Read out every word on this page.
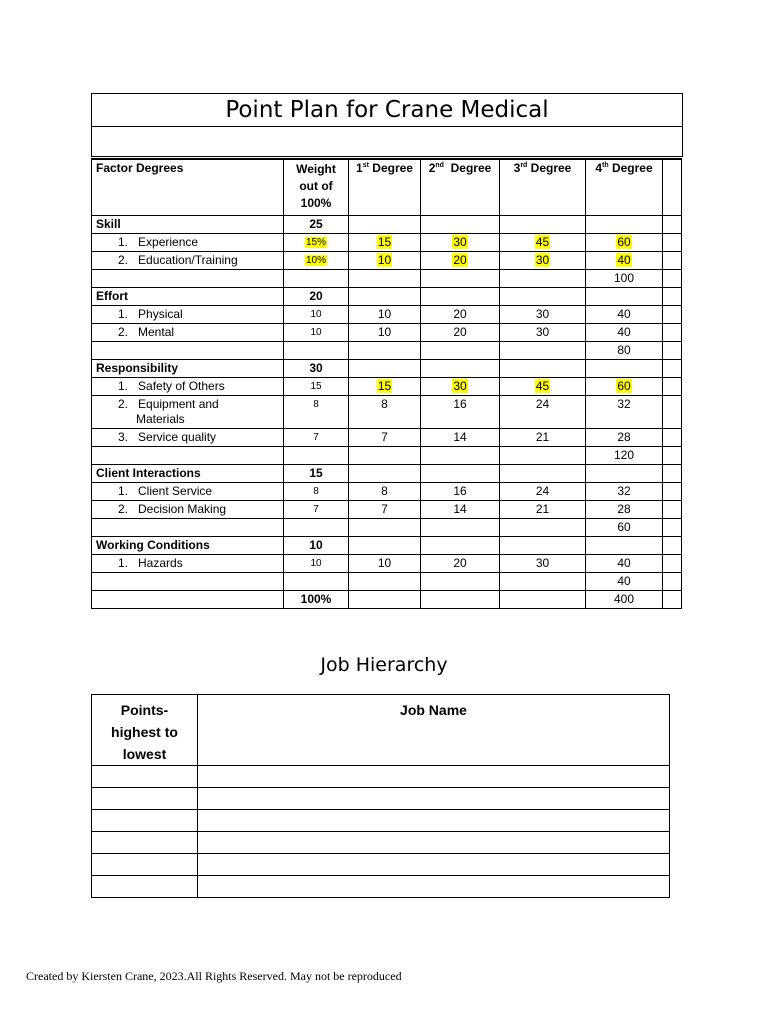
Point Plan for Crane Medical
Factor Degrees	Weight out of 100%	1st Degree	2nd  Degree	3rd Degree	4th Degree	
Skill	25					
1.   Experience	15%	15	30	45	60	
2.   Education/Training	10%	10	20	30	40	
					100	
Effort	20					
1.   Physical	10	10	20	30	40	
2.   Mental	10	10	20	30	40	
					80	
Responsibility	30					
1.   Safety of Others	15	15	30	45	60	

2.   Equipment and
Materials	8	8	16	24	32	
3.   Service quality	7	7	14	21	28	
					120	
Client Interactions	15					
1.   Client Service	8	8	16	24	32	
2.   Decision Making	7	7	14	21	28	
					60	
Working Conditions	10					
1.   Hazards	10	10	20	30	40	
					40	
	100%				400	
Job Hierarchy
Points-highest to lowest	Job Name

Created by Kiersten Crane, 2023.All Rights Reserved. May not be reproduced
